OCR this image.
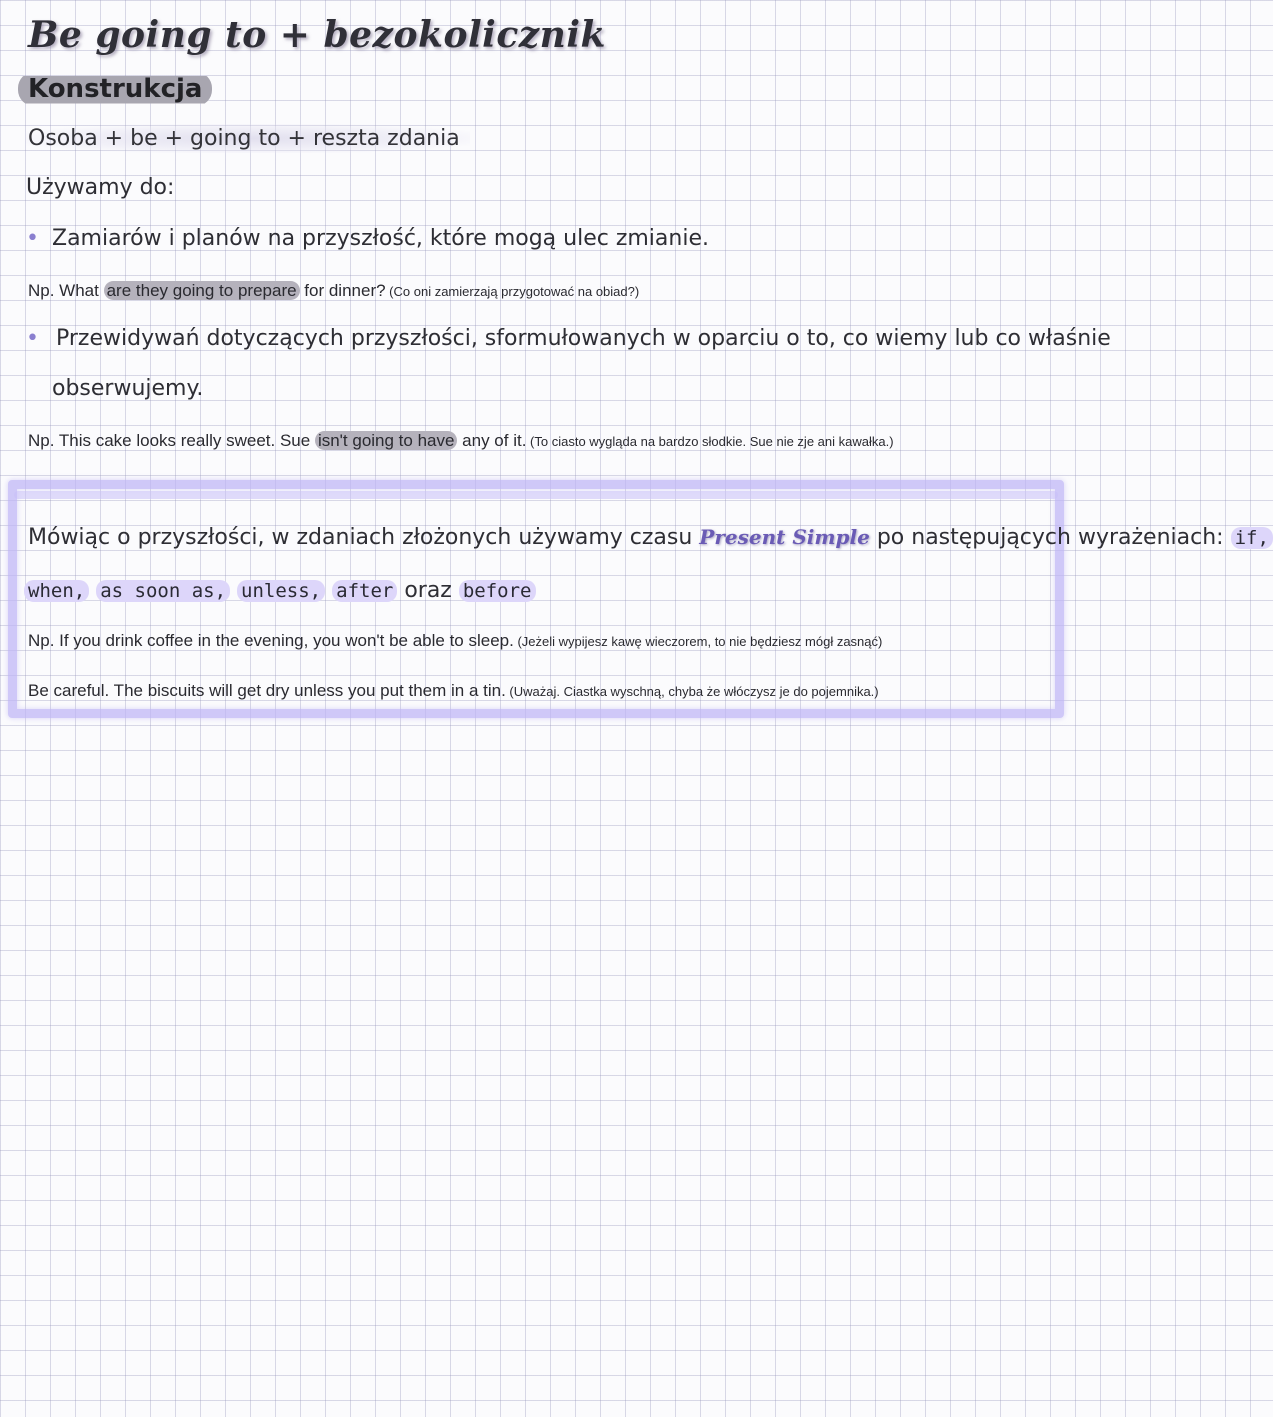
Be going to + bezokolicznik
Konstrukcja
Osoba + be + going to + reszta zdania
Używamy do:
• Zamiarów i planów na przyszłość, które mogą ulec zmianie.
Np. What are they going to prepare for dinner? (Co oni zamierzają przygotować na obiad?)
• Przewidywań dotyczących przyszłości, sformułowanych w oparciu o to, co wiemy lub co właśnie
obserwujemy.
Np. This cake looks really sweet. Sue isn't going to have any of it. (To ciasto wygląda na bardzo słodkie. Sue nie zje ani kawałka.)
Mówiąc o przyszłości, w zdaniach złożonych używamy czasu Present Simple po następujących wyrażeniach: if,
when, as soon as, unless, after oraz before
Np. If you drink coffee in the evening, you won't be able to sleep. (Jeżeli wypijesz kawę wieczorem, to nie będziesz mógł zasnąć)
Be careful. The biscuits will get dry unless you put them in a tin. (Uważaj. Ciastka wyschną, chyba że włóczysz je do pojemnika.)
